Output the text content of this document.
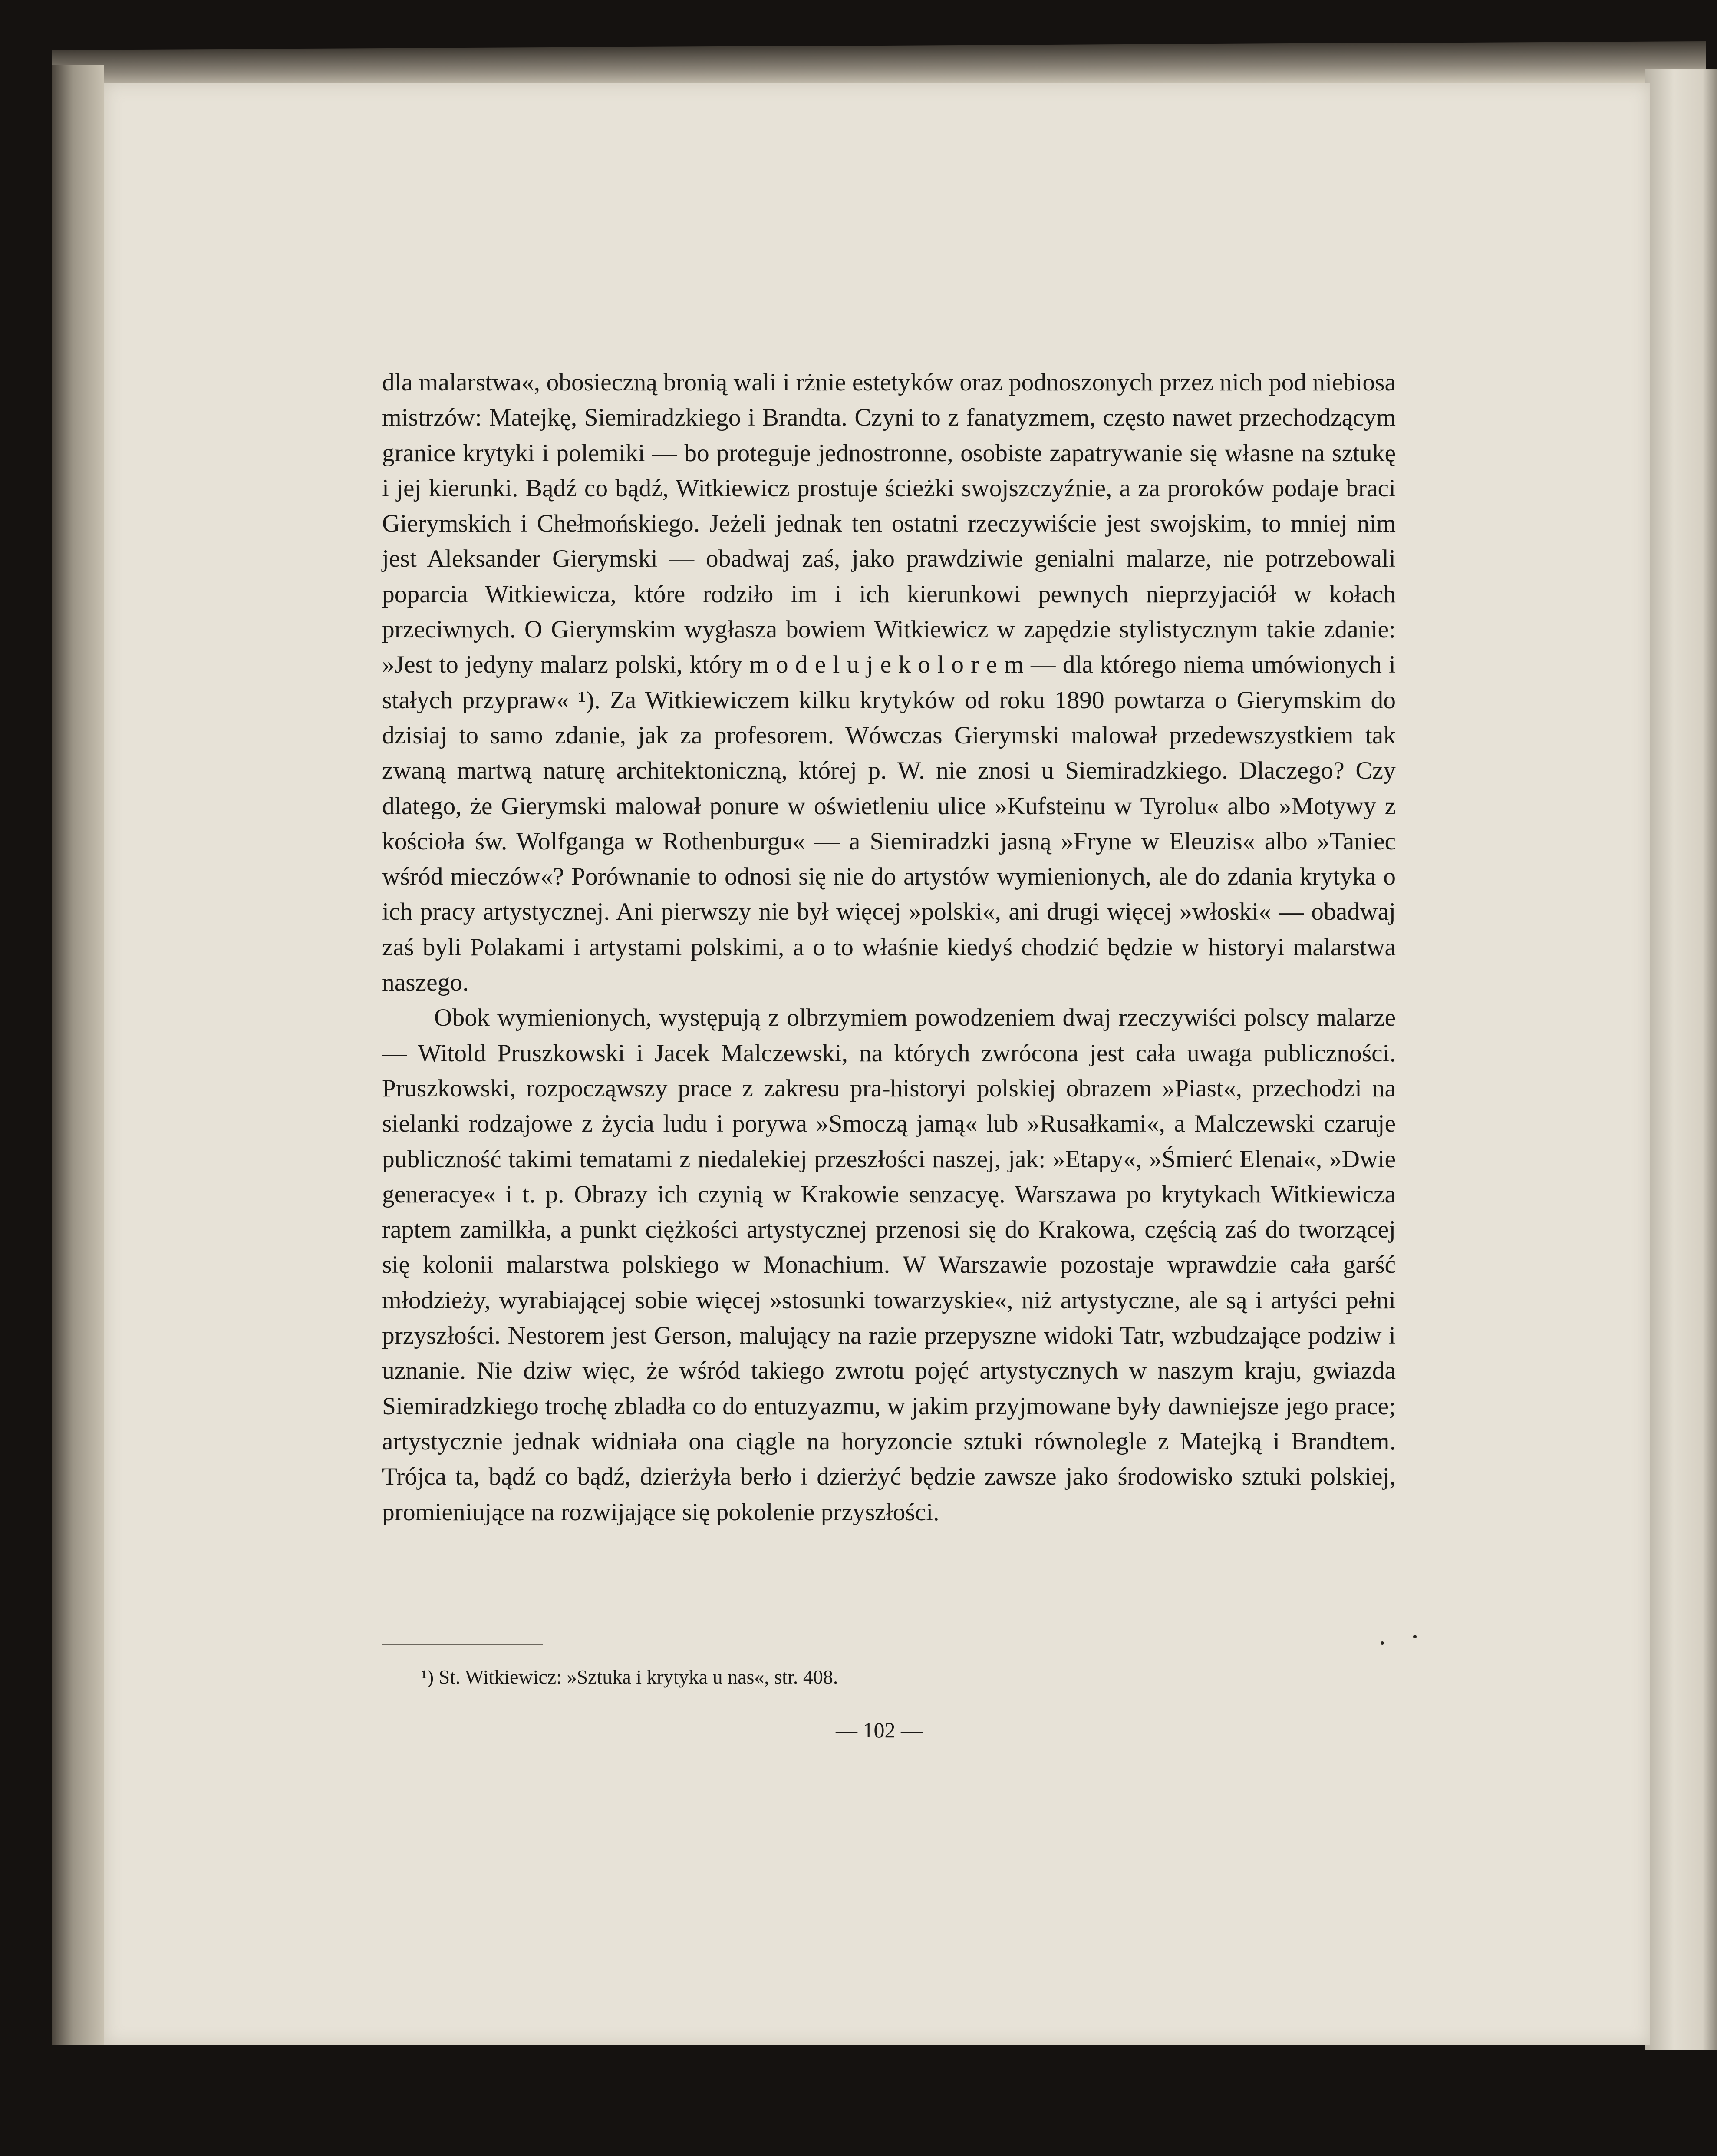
dla malarstwa«, obosieczną bronią wali i rżnie estetyków oraz podnoszonych przez nich pod niebiosa mistrzów: Matejkę, Siemiradzkiego i Brandta. Czyni to z fanatyzmem, często nawet przechodzącym granice krytyki i polemiki — bo proteguje jednostronne, osobiste zapatrywanie się własne na sztukę i jej kierunki. Bądź co bądź, Witkiewicz prostuje ścieżki swojszczyźnie, a za proroków podaje braci Gierymskich i Chełmońskiego. Jeżeli jednak ten ostatni rzeczywiście jest swojskim, to mniej nim jest Aleksander Gierymski — obadwaj zaś, jako prawdziwie genialni malarze, nie potrzebowali poparcia Witkiewicza, które rodziło im i ich kierunkowi pewnych nieprzyjaciół w kołach przeciwnych. O Gierymskim wygłasza bowiem Witkiewicz w zapędzie stylistycznym takie zdanie: »Jest to jedyny malarz polski, który m o d e l u j e k o l o r e m — dla którego niema umówionych i stałych przypraw« ¹). Za Witkiewiczem kilku krytyków od roku 1890 powtarza o Gierymskim do dzisiaj to samo zdanie, jak za profesorem. Wówczas Gierymski malował przedewszystkiem tak zwaną martwą naturę architektoniczną, której p. W. nie znosi u Siemiradzkiego. Dlaczego? Czy dlatego, że Gierymski malował ponure w oświetleniu ulice »Kufsteinu w Tyrolu« albo »Motywy z kościoła św. Wolfganga w Rothenburgu« — a Siemiradzki jasną »Fryne w Eleuzis« albo »Taniec wśród mieczów«? Porównanie to odnosi się nie do artystów wymienionych, ale do zdania krytyka o ich pracy artystycznej. Ani pierwszy nie był więcej »polski«, ani drugi więcej »włoski« — obadwaj zaś byli Polakami i artystami polskimi, a o to właśnie kiedyś chodzić będzie w historyi malarstwa naszego.

Obok wymienionych, występują z olbrzymiem powodzeniem dwaj rzeczywiści polscy malarze — Witold Pruszkowski i Jacek Malczewski, na których zwrócona jest cała uwaga publiczności. Pruszkowski, rozpocząwszy prace z zakresu pra-historyi polskiej obrazem »Piast«, przechodzi na sielanki rodzajowe z życia ludu i porywa »Smoczą jamą« lub »Rusałkami«, a Malczewski czaruje publiczność takimi tematami z niedalekiej przeszłości naszej, jak: »Etapy«, »Śmierć Elenai«, »Dwie generacye« i t. p. Obrazy ich czynią w Krakowie senzacyę. Warszawa po krytykach Witkiewicza raptem zamilkła, a punkt ciężkości artystycznej przenosi się do Krakowa, częścią zaś do tworzącej się kolonii malarstwa polskiego w Monachium. W Warszawie pozostaje wprawdzie cała garść młodzieży, wyrabiającej sobie więcej »stosunki towarzyskie«, niż artystyczne, ale są i artyści pełni przyszłości. Nestorem jest Gerson, malujący na razie przepyszne widoki Tatr, wzbudzające podziw i uznanie. Nie dziw więc, że wśród takiego zwrotu pojęć artystycznych w naszym kraju, gwiazda Siemiradzkiego trochę zbladła co do entuzyazmu, w jakim przyjmowane były dawniejsze jego prace; artystycznie jednak widniała ona ciągle na horyzoncie sztuki równolegle z Matejką i Brandtem. Trójca ta, bądź co bądź, dzierżyła berło i dzierżyć będzie zawsze jako środowisko sztuki polskiej, promieniujące na rozwijające się pokolenie przyszłości.

¹) St. Witkiewicz: »Sztuka i krytyka u nas«, str. 408.
— 102 —
